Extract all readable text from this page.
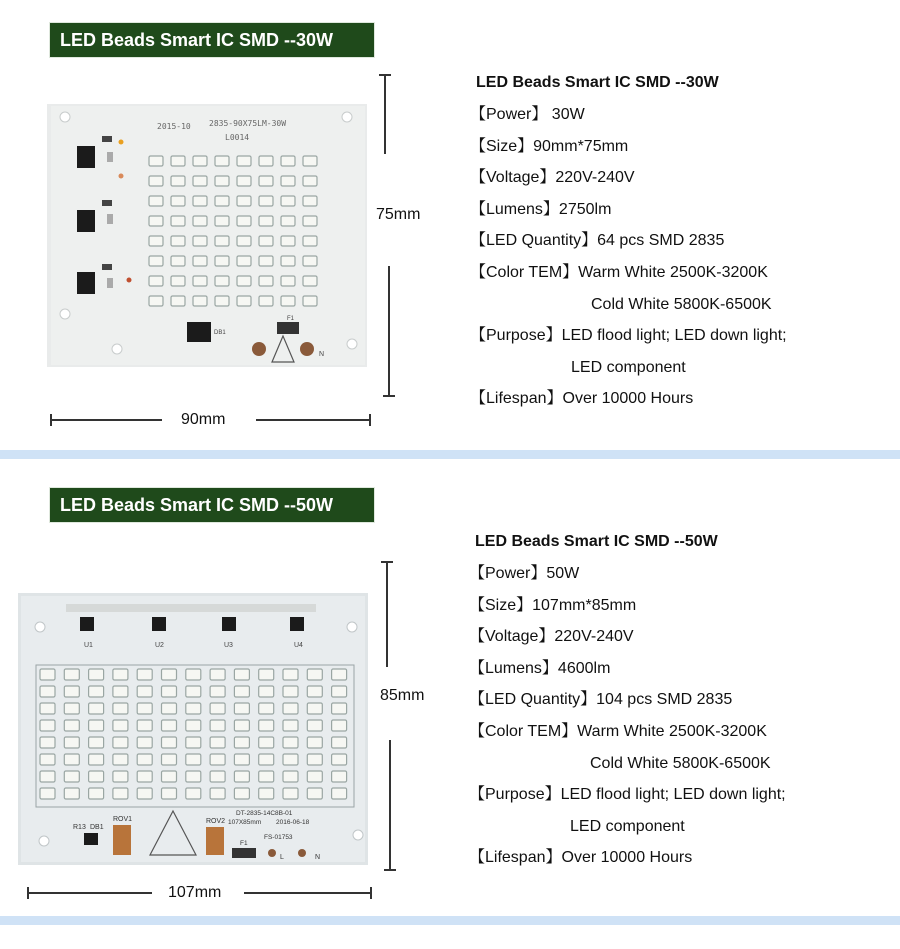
LED Beads Smart IC SMD --30W
2015-10 2835-90X75LM-30W
L0014
DB1
F1
N
75mm
90mm
LED Beads Smart IC SMD --30W
【Power】 30W
【Size】90mm*75mm
【Voltage】220V-240V
【Lumens】2750lm
【LED Quantity】64 pcs SMD 2835
【Color TEM】Warm White 2500K-3200K
Cold White 5800K-6500K
【Purpose】LED flood light; LED down light;
LED component
【Lifespan】Over 10000 Hours
LED Beads Smart IC SMD --50W
U1	U2	U3	U4
R13 DB1
ROV1	ROV2
DT-2835-14C8B-01
107X85mm 2016-06-18
FS-01753
F1
L	N
85mm
107mm
LED Beads Smart IC SMD --50W
【Power】50W
【Size】107mm*85mm
【Voltage】220V-240V
【Lumens】4600lm
【LED Quantity】104 pcs SMD 2835
【Color TEM】Warm White 2500K-3200K
Cold White 5800K-6500K
【Purpose】LED flood light; LED down light;
LED component
【Lifespan】Over 10000 Hours
